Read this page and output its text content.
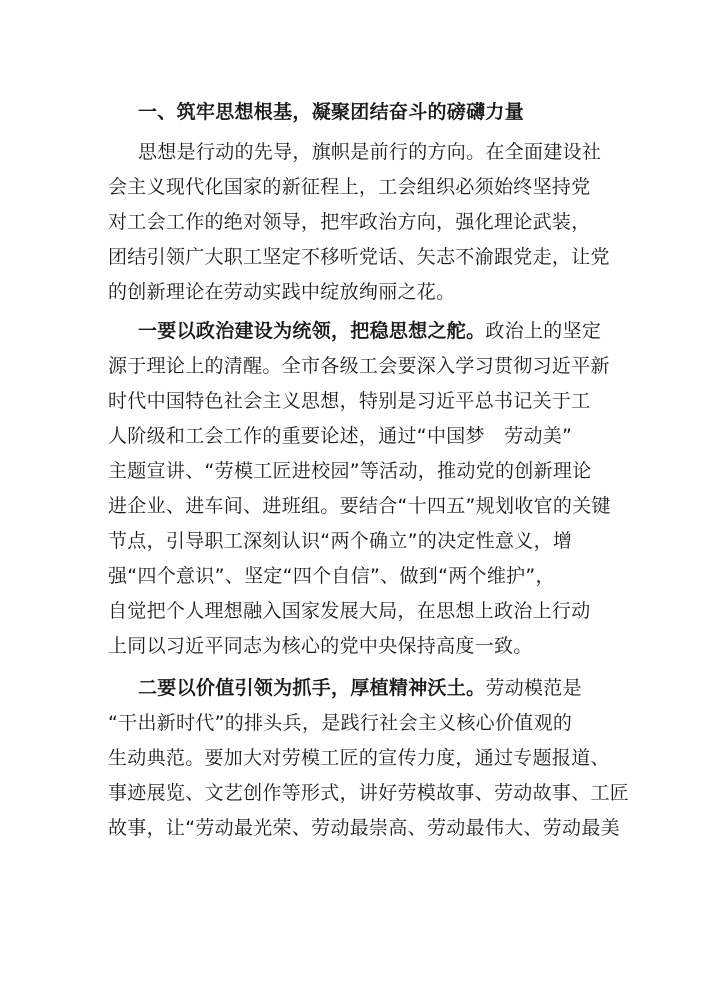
一、筑牢思想根基，凝聚团结奋斗的磅礴力量
思想是行动的先导，旗帜是前行的方向。在全面建设社
会主义现代化国家的新征程上，工会组织必须始终坚持党
对工会工作的绝对领导，把牢政治方向，强化理论武装，
团结引领广大职工坚定不移听党话、矢志不渝跟党走，让党
的创新理论在劳动实践中绽放绚丽之花。
一要以政治建设为统领，把稳思想之舵。政治上的坚定
源于理论上的清醒。全市各级工会要深入学习贯彻习近平新
时代中国特色社会主义思想，特别是习近平总书记关于工
人阶级和工会工作的重要论述，通过“中国梦　劳动美”
主题宣讲、“劳模工匠进校园”等活动，推动党的创新理论
进企业、进车间、进班组。要结合“十四五”规划收官的关键
节点，引导职工深刻认识“两个确立”的决定性意义，增
强“四个意识”、坚定“四个自信”、做到“两个维护”，
自觉把个人理想融入国家发展大局，在思想上政治上行动
上同以习近平同志为核心的党中央保持高度一致。
二要以价值引领为抓手，厚植精神沃土。劳动模范是
“干出新时代”的排头兵，是践行社会主义核心价值观的
生动典范。要加大对劳模工匠的宣传力度，通过专题报道、
事迹展览、文艺创作等形式，讲好劳模故事、劳动故事、工匠
故事，让“劳动最光荣、劳动最崇高、劳动最伟大、劳动最美
